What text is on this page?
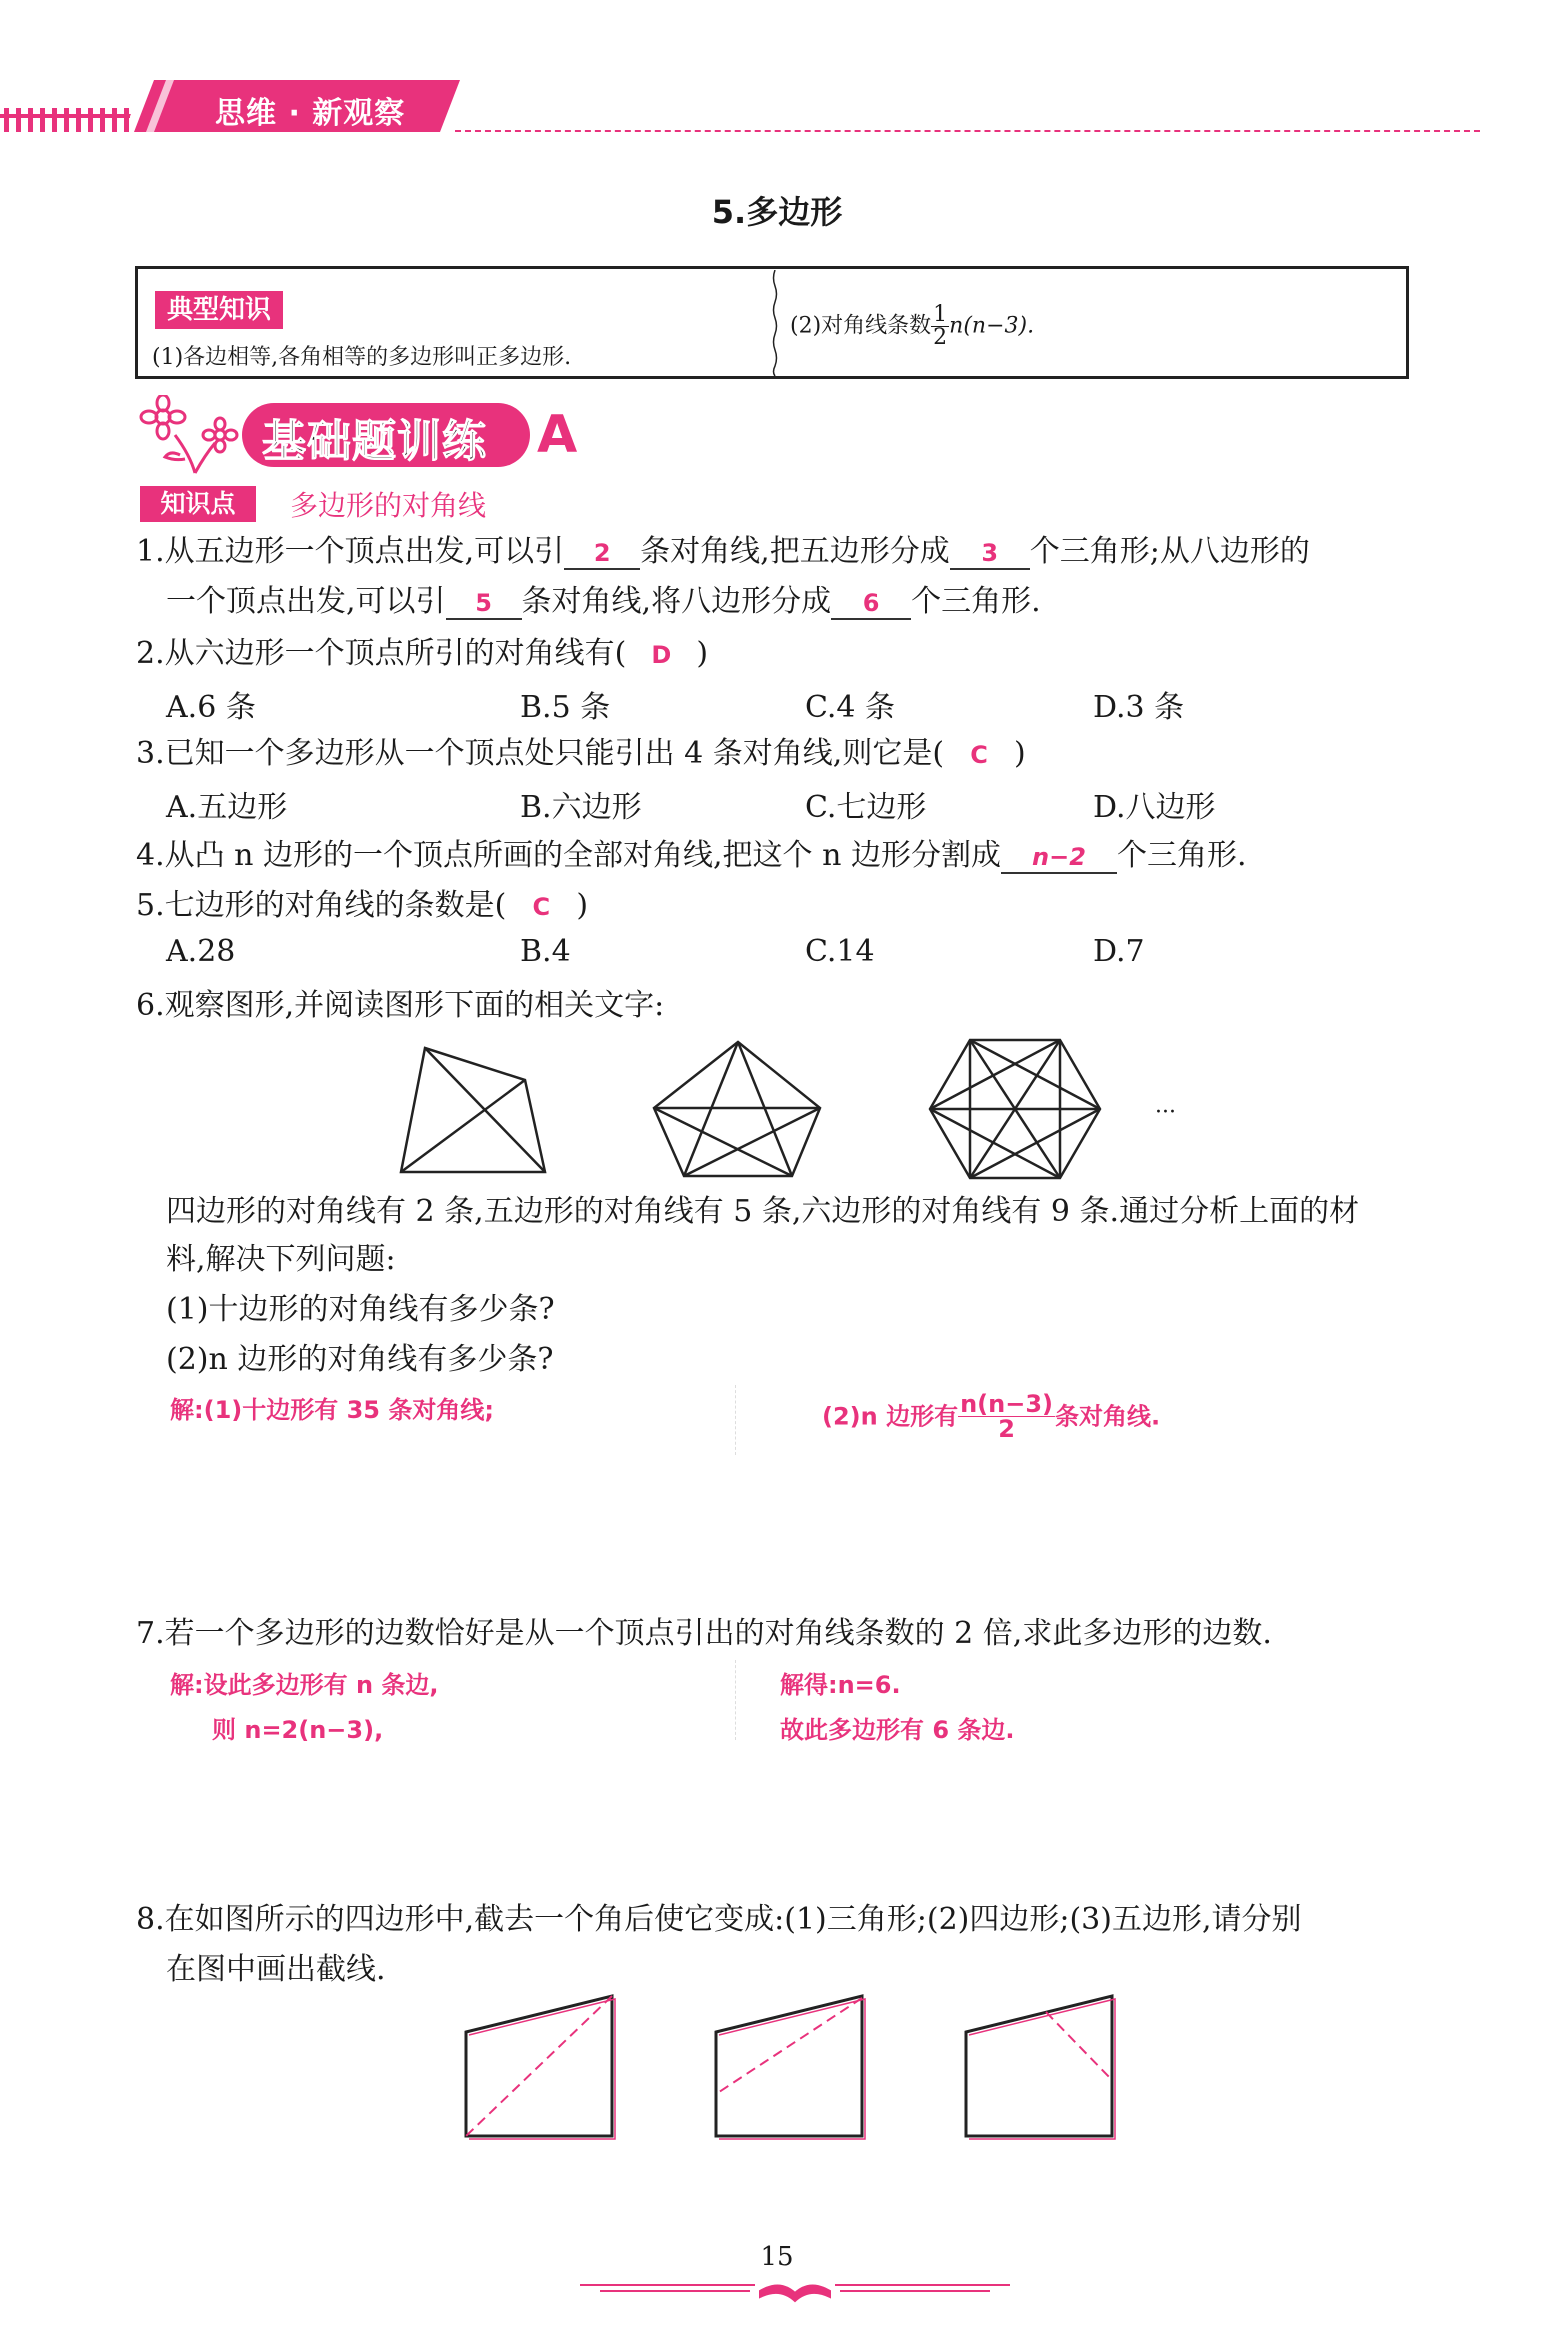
思维 · 新观察
5.多边形
典型知识
(1)各边相等,各角相等的多边形叫正多边形.
(2)对角线条数 $\frac{1}{2} n(n-3)$.
基础题训练 A
知识点	多边形的对角线
1.从五边形一个顶点出发,可以引 2 条对角线,把五边形分成 3 个三角形;从八边形的
一个顶点出发,可以引 5 条对角线,将八边形分成 6 个三角形.
2.从六边形一个顶点所引的对角线有( D )
A.6 条	B.5 条	C.4 条	D.3 条
3.已知一个多边形从一个顶点处只能引出 4 条对角线,则它是( C )
A.五边形	B.六边形	C.七边形	D.八边形
4.从凸 n 边形的一个顶点所画的全部对角线,把这个 n 边形分割成 n−2 个三角形.
5.七边形的对角线的条数是( C )
A.28	B.4	C.14	D.7
6.观察图形,并阅读图形下面的相关文字:
···
四边形的对角线有 2 条,五边形的对角线有 5 条,六边形的对角线有 9 条.通过分析上面的材
料,解决下列问题:
(1)十边形的对角线有多少条?
(2)n 边形的对角线有多少条?
解:(1)十边形有 35 条对角线;	(2)n 边形有 $\frac{n(n-3)}{2}$ 条对角线.
7.若一个多边形的边数恰好是从一个顶点引出的对角线条数的 2 倍,求此多边形的边数.
解:设此多边形有 n 条边,
则 n=2(n−3),
解得:n=6.
故此多边形有 6 条边.
8.在如图所示的四边形中,截去一个角后使它变成:(1)三角形;(2)四边形;(3)五边形,请分别
在图中画出截线.
15
